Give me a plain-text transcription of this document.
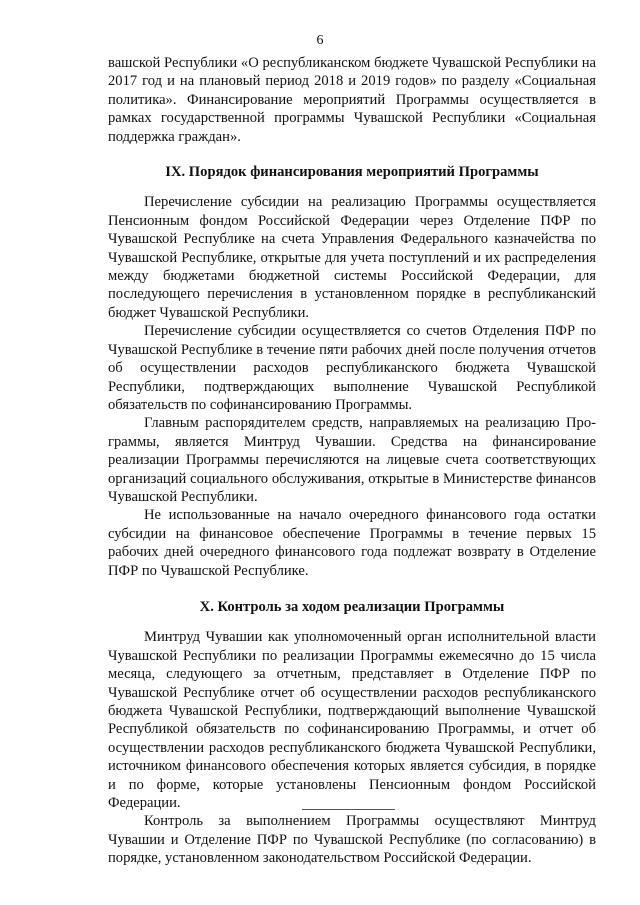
6

вашской Республики «О республиканском бюджете Чувашской Республики на 2017 год и на плановый период 2018 и 2019 годов» по разделу «Социальная политика». Финансирование мероприятий Программы осуществляется в рамках государственной программы Чувашской Республики «Социальная поддержка граждан».

IX. Порядок финансирования мероприятий Программы

Перечисление субсидии на реализацию Программы осуществляется Пенсионным фондом Российской Федерации через Отделение ПФР по Чувашской Республике на счета Управления Федерального казначейства по Чувашской Республике, открытые для учета поступлений и их распределения между бюджетами бюджетной системы Российской Федерации, для последующего перечисления в установленном порядке в республиканский бюджет Чувашской Республики.

Перечисление субсидии осуществляется со счетов Отделения ПФР по Чувашской Республике в течение пяти рабочих дней после получения отчетов об осуществлении расходов республиканского бюджета Чувашской Республики, подтверждающих выполнение Чувашской Республикой обязательств по софинансированию Программы.

Главным распорядителем средств, направляемых на реализацию Программы, является Минтруд Чувашии. Средства на финансирование реализации Программы перечисляются на лицевые счета соответствующих организаций социального обслуживания, открытые в Министерстве финансов Чувашской Республики.

Не использованные на начало очередного финансового года остатки субсидии на финансовое обеспечение Программы в течение первых 15 рабочих дней очередного финансового года подлежат возврату в Отделение ПФР по Чувашской Республике.

X. Контроль за ходом реализации Программы

Минтруд Чувашии как уполномоченный орган исполнительной власти Чувашской Республики по реализации Программы ежемесячно до 15 числа месяца, следующего за отчетным, представляет в Отделение ПФР по Чувашской Республике отчет об осуществлении расходов республиканского бюджета Чувашской Республики, подтверждающий выполнение Чувашской Республикой обязательств по софинансированию Программы, и отчет об осуществлении расходов республиканского бюджета Чувашской Республики, источником финансового обеспечения которых является субсидия, в порядке и по форме, которые установлены Пенсионным фондом Российской Федерации.

Контроль за выполнением Программы осуществляют Минтруд Чувашии и Отделение ПФР по Чувашской Республике (по согласованию) в порядке, установленном законодательством Российской Федерации.
